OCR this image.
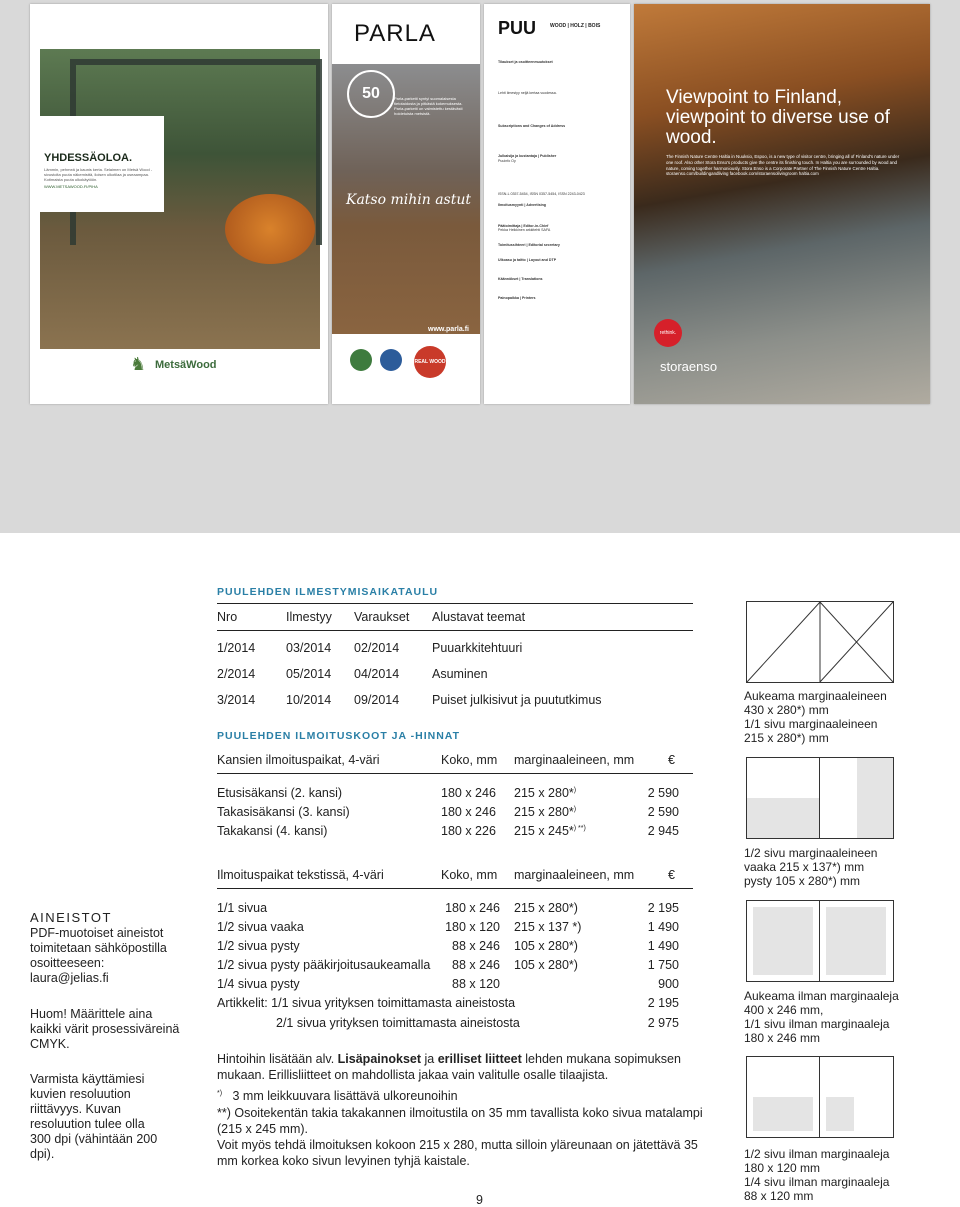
YHDESSÄOLOA.
Lämmin, pehmeä ja kaunis kerta. Selaimen on Metsä Wood -sivustolta puuta näkemisttä, iloisen ulkotilaa ja useaampaa. Kotimaista puuta ulkokäytöön.
WWW.METSAWOOD.FI/PIHA
♞ MetsäWood
PARLA
50	Parla-parketti syntyi suomalaisesta tietotaidosta ja pitkästä kokemuksesta. Parla-parketti on valmistettu kestävästi hoidetuista metsistä.
Katso mihin astut
www.parla.fi
REAL WOOD
PUU	WOOD | HOLZ | BOIS
Tilaukset ja osoitteenmuutokset
Lehti ilmestyy neljä kertaa vuodessa.
Subscriptions and Changes of Address
Julkaisija ja kustantaja | Publisher
Puuinfo Oy
ISSN-L 0357-5454, ISSN 0357-5454, ISSN 2243-0423
Ilmoitusmyynti | Advertising
Päätoimittaja | Editor-in-Chief
Pekka Heikkinen arkkitehti SAFA
Toimitussihteeri | Editorial secretary
Ulkoasu ja taitto | Layout and DTP
Käännökset | Translations
Painopaikka | Printers
Viewpoint to Finland, viewpoint to diverse use of wood.
The Finnish Nature Centre Haltia in Nuuksio, Espoo, is a new type of visitor centre, bringing all of Finland's nature under one roof. Also other Stora Enso's products give the centre its finishing touch. In Haltia you are surrounded by wood and nature, coming together harmoniously. Stora Enso is a Corporate Partner of The Finnish Nature Centre Haltia. storaenso.com/buildingandliving facebook.com/storaensolivingroom haltia.com
rethink.
storaenso
PUULEHDEN ILMESTYMISAIKATAULU
Nro	Ilmestyy Varaukset Alustavat teemat
1/2014 03/2014 02/2014	Puuarkkitehtuuri
2/2014 05/2014 04/2014	Asuminen
3/2014 10/2014 09/2014	Puiset julkisivut ja puututkimus
PUULEHDEN ILMOITUSKOOT JA -HINNAT
Kansien ilmoituspaikat, 4-väri	Koko, mm marginaaleineen, mm	€
Etusisäkansi (2. kansi)	180 x 246 215 x 280*)	2 590
Takasisäkansi (3. kansi)	180 x 246 215 x 280*)	2 590
Takakansi (4. kansi)	180 x 226 215 x 245*) **)	2 945
Ilmoituspaikat tekstissä, 4-väri	Koko, mm marginaaleineen, mm	€
1/1 sivua	180 x 246 215 x 280*)	2 195
1/2 sivua vaaka	180 x 120 215 x 137 *)	1 490
1/2 sivua pysty	88 x 246 105 x 280*)	1 490
1/2 sivua pysty pääkirjoitusaukeamalla	88 x 246 105 x 280*)	1 750
1/4 sivua pysty	88 x 120	900
Artikkelit: 1/1 sivua yrityksen toimittamasta aineistosta	2 195
2/1 sivua yrityksen toimittamasta aineistosta	2 975
Hintoihin lisätään alv. Lisäpainokset ja erilliset liitteet lehden mukana sopimuksen mukaan. Erillisliitteet on mahdollista jakaa vain valitulle osalle tilaajista.
*) 3 mm leikkuuvara lisättävä ulkoreunoihin
**) Osoitekentän takia takakannen ilmoitustila on 35 mm tavallista koko sivua matalampi (215 x 245 mm).
Voit myös tehdä ilmoituksen kokoon 215 x 280, mutta silloin yläreunaan on jätettävä 35 mm korkea koko sivun levyinen tyhjä kaistale.
AINEISTOT
PDF-muotoiset aineistot toimitetaan sähköpostilla osoitteeseen: laura@jelias.fi
Huom! Määrittele aina kaikki värit prosessiväreinä CMYK.
Varmista käyttämiesi kuvien resoluution riittävyys. Kuvan resoluution tulee olla 300 dpi (vähintään 200 dpi).
Aukeama marginaaleineen
430 x 280*) mm
1/1 sivu marginaaleineen
215 x 280*) mm
1/2 sivu marginaaleineen
vaaka 215 x 137*) mm
pysty 105 x 280*) mm
Aukeama ilman marginaaleja
400 x 246 mm,
1/1 sivu ilman marginaaleja
180 x 246 mm
1/2 sivu ilman marginaaleja
180 x 120 mm
1/4 sivu ilman marginaaleja
88 x 120 mm
9
